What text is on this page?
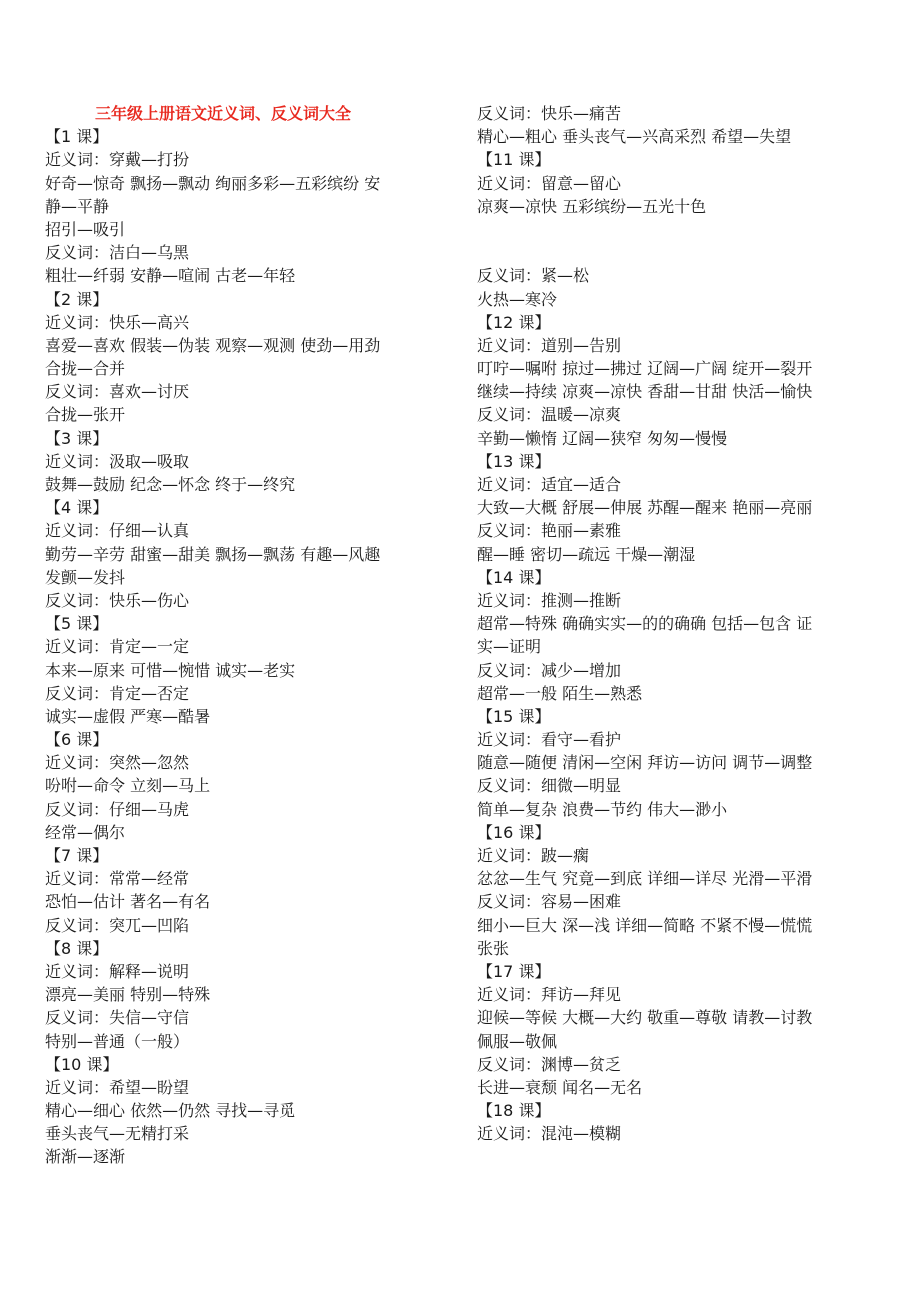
三年级上册语文近义词、反义词大全
【1 课】
近义词：穿戴—打扮
好奇—惊奇 飘扬—飘动 绚丽多彩—五彩缤纷 安
静—平静
招引—吸引
反义词：洁白—乌黑
粗壮—纤弱 安静—喧闹 古老—年轻
【2 课】
近义词：快乐—高兴
喜爱—喜欢 假装—伪装 观察—观测 使劲—用劲
合拢—合并
反义词：喜欢—讨厌
合拢—张开
【3 课】
近义词：汲取—吸取
鼓舞—鼓励 纪念—怀念 终于—终究
【4 课】
近义词：仔细—认真
勤劳—辛劳 甜蜜—甜美 飘扬—飘荡 有趣—风趣
发颤—发抖
反义词：快乐—伤心
【5 课】
近义词：肯定—一定
本来—原来 可惜—惋惜 诚实—老实
反义词：肯定—否定
诚实—虚假 严寒—酷暑
【6 课】
近义词：突然—忽然
吩咐—命令 立刻—马上
反义词：仔细—马虎
经常—偶尔
【7 课】
近义词：常常—经常
恐怕—估计 著名—有名
反义词：突兀—凹陷
【8 课】
近义词：解释—说明
漂亮—美丽 特别—特殊
反义词：失信—守信
特别—普通（一般）
【10 课】
近义词：希望—盼望
精心—细心 依然—仍然 寻找—寻觅
垂头丧气—无精打采
渐渐—逐渐
反义词：快乐—痛苦
精心—粗心 垂头丧气—兴高采烈 希望—失望
【11 课】
近义词：留意—留心
凉爽—凉快 五彩缤纷—五光十色
反义词：紧—松
火热—寒冷
【12 课】
近义词：道别—告别
叮咛—嘱咐 掠过—拂过 辽阔—广阔 绽开—裂开
继续—持续 凉爽—凉快 香甜—甘甜 快活—愉快
反义词：温暖—凉爽
辛勤—懒惰 辽阔—狭窄 匆匆—慢慢
【13 课】
近义词：适宜—适合
大致—大概 舒展—伸展 苏醒—醒来 艳丽—亮丽
反义词：艳丽—素雅
醒—睡 密切—疏远 干燥—潮湿
【14 课】
近义词：推测—推断
超常—特殊 确确实实—的的确确 包括—包含 证
实—证明
反义词：减少—增加
超常—一般 陌生—熟悉
【15 课】
近义词：看守—看护
随意—随便 清闲—空闲 拜访—访问 调节—调整
反义词：细微—明显
简单—复杂 浪费—节约 伟大—渺小
【16 课】
近义词：跛—瘸
忿忿—生气 究竟—到底 详细—详尽 光滑—平滑
反义词：容易—困难
细小—巨大 深—浅 详细—简略 不紧不慢—慌慌
张张
【17 课】
近义词：拜访—拜见
迎候—等候 大概—大约 敬重—尊敬 请教—讨教
佩服—敬佩
反义词：渊博—贫乏
长进—衰颓 闻名—无名
【18 课】
近义词：混沌—模糊
